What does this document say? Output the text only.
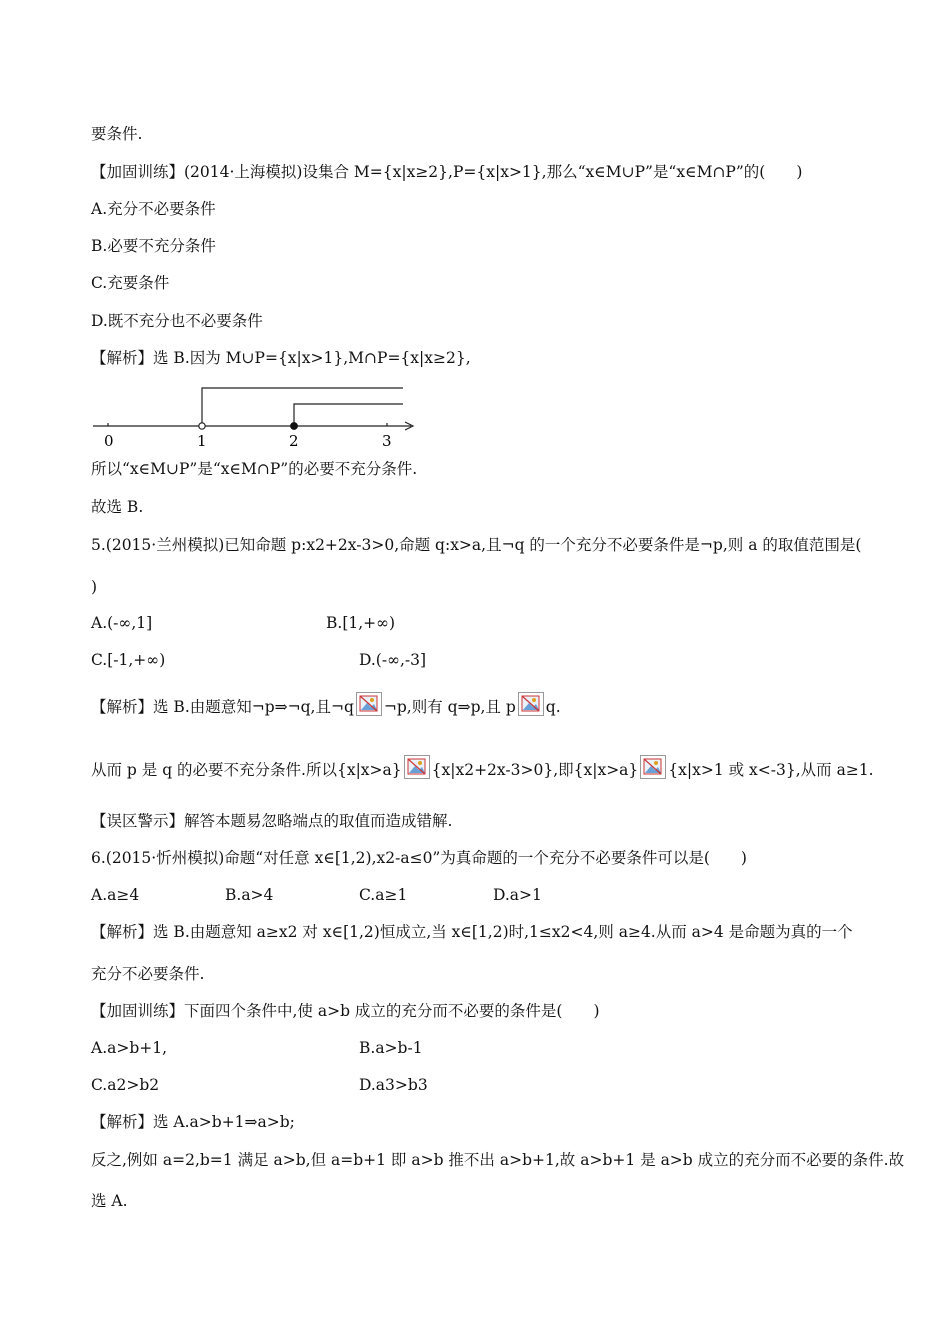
要条件.
【加固训练】(2014·上海模拟)设集合 M={x|x≥2},P={x|x>1},那么“x∈M∪P”是“x∈M∩P”的(　　)
A.充分不必要条件
B.必要不充分条件
C.充要条件
D.既不充分也不必要条件
【解析】选 B.因为 M∪P={x|x>1},M∩P={x|x≥2},
0	1	2	3
所以“x∈M∪P”是“x∈M∩P”的必要不充分条件.
故选 B.
5.(2015·兰州模拟)已知命题 p:x2+2x-3>0,命题 q:x>a,且¬q 的一个充分不必要条件是¬p,则 a 的取值范围是(
)
A.(-∞,1]	B.[1,+∞)
C.[-1,+∞)	D.(-∞,-3]
【解析】选 B.由题意知¬p⇒¬q,且¬q ¬p,则有 q⇒p,且 p q.
从而 p 是 q 的必要不充分条件.所以{x|x>a} {x|x2+2x-3>0},即{x|x>a} {x|x>1 或 x<-3},从而 a≥1.
【误区警示】解答本题易忽略端点的取值而造成错解.
6.(2015·忻州模拟)命题“对任意 x∈[1,2),x2-a≤0”为真命题的一个充分不必要条件可以是(　　)
A.a≥4	B.a>4	C.a≥1	D.a>1
【解析】选 B.由题意知 a≥x2 对 x∈[1,2)恒成立,当 x∈[1,2)时,1≤x2<4,则 a≥4.从而 a>4 是命题为真的一个
充分不必要条件.
【加固训练】下面四个条件中,使 a>b 成立的充分而不必要的条件是(　　)
A.a>b+1,	B.a>b-1
C.a2>b2	D.a3>b3
【解析】选 A.a>b+1⇒a>b;
反之,例如 a=2,b=1 满足 a>b,但 a=b+1 即 a>b 推不出 a>b+1,故 a>b+1 是 a>b 成立的充分而不必要的条件.故
选 A.
